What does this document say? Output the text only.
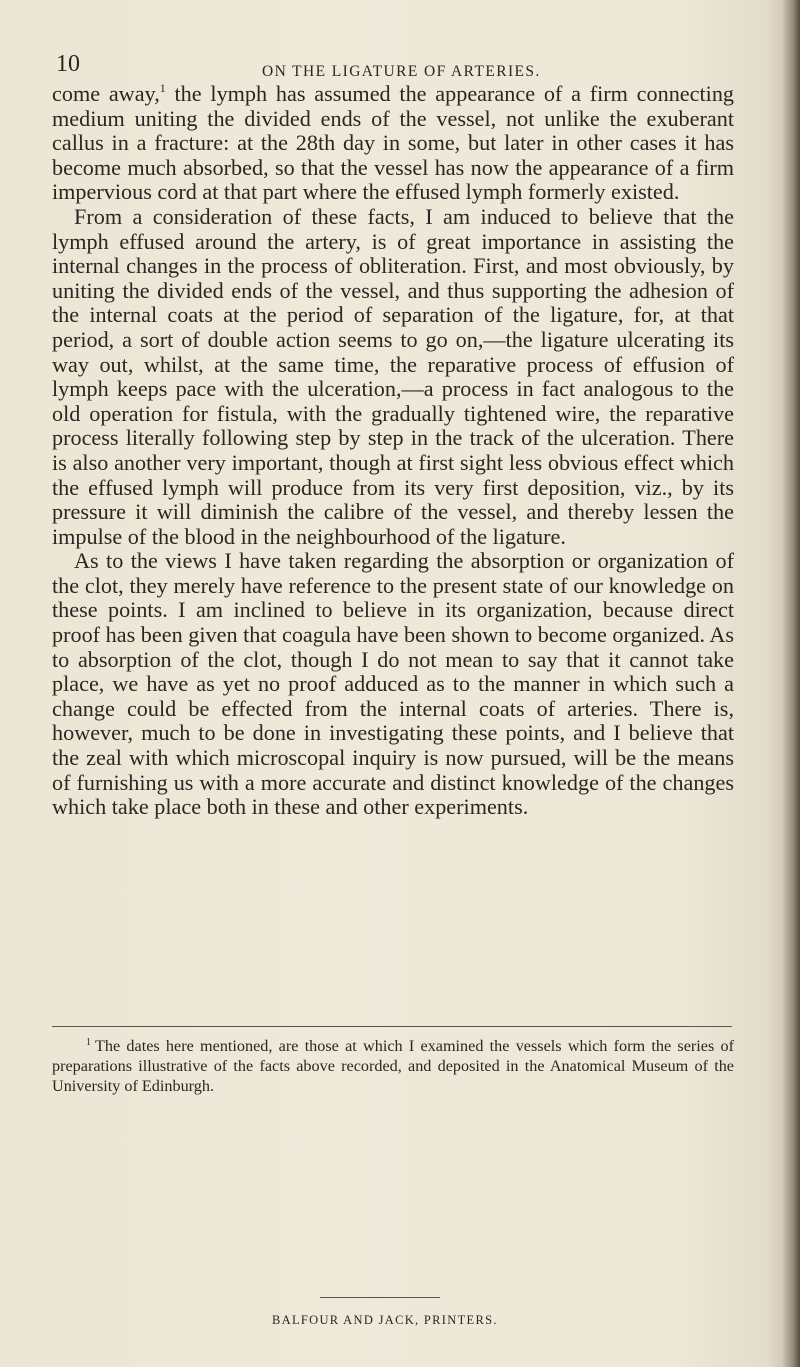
10	ON THE LIGATURE OF ARTERIES.

come away,$^1$ the lymph has assumed the appearance of a firm connecting medium uniting the divided ends of the vessel, not unlike the exuberant callus in a fracture: at the 28th day in some, but later in other cases it has become much absorbed, so that the vessel has now the appearance of a firm impervious cord at that part where the effused lymph formerly existed.

From a consideration of these facts, I am induced to believe that the lymph effused around the artery, is of great importance in assisting the internal changes in the process of obliteration. First, and most obviously, by uniting the divided ends of the vessel, and thus supporting the adhesion of the internal coats at the period of separation of the ligature, for, at that period, a sort of double action seems to go on,—the ligature ulcerating its way out, whilst, at the same time, the reparative process of effusion of lymph keeps pace with the ulceration,—a process in fact analogous to the old operation for fistula, with the gradually tightened wire, the reparative process literally following step by step in the track of the ulceration. There is also another very important, though at first sight less obvious effect which the effused lymph will produce from its very first deposition, viz., by its pressure it will diminish the calibre of the vessel, and thereby lessen the impulse of the blood in the neighbourhood of the ligature.

As to the views I have taken regarding the absorption or organization of the clot, they merely have reference to the present state of our knowledge on these points. I am inclined to believe in its organization, because direct proof has been given that coagula have been shown to become organized. As to absorption of the clot, though I do not mean to say that it cannot take place, we have as yet no proof adduced as to the manner in which such a change could be effected from the internal coats of arteries. There is, however, much to be done in investigating these points, and I believe that the zeal with which microscopal inquiry is now pursued, will be the means of furnishing us with a more accurate and distinct knowledge of the changes which take place both in these and other experiments.

$^1$ The dates here mentioned, are those at which I examined the vessels which form the series of preparations illustrative of the facts above recorded, and deposited in the Anatomical Museum of the University of Edinburgh.
BALFOUR AND JACK, PRINTERS.
